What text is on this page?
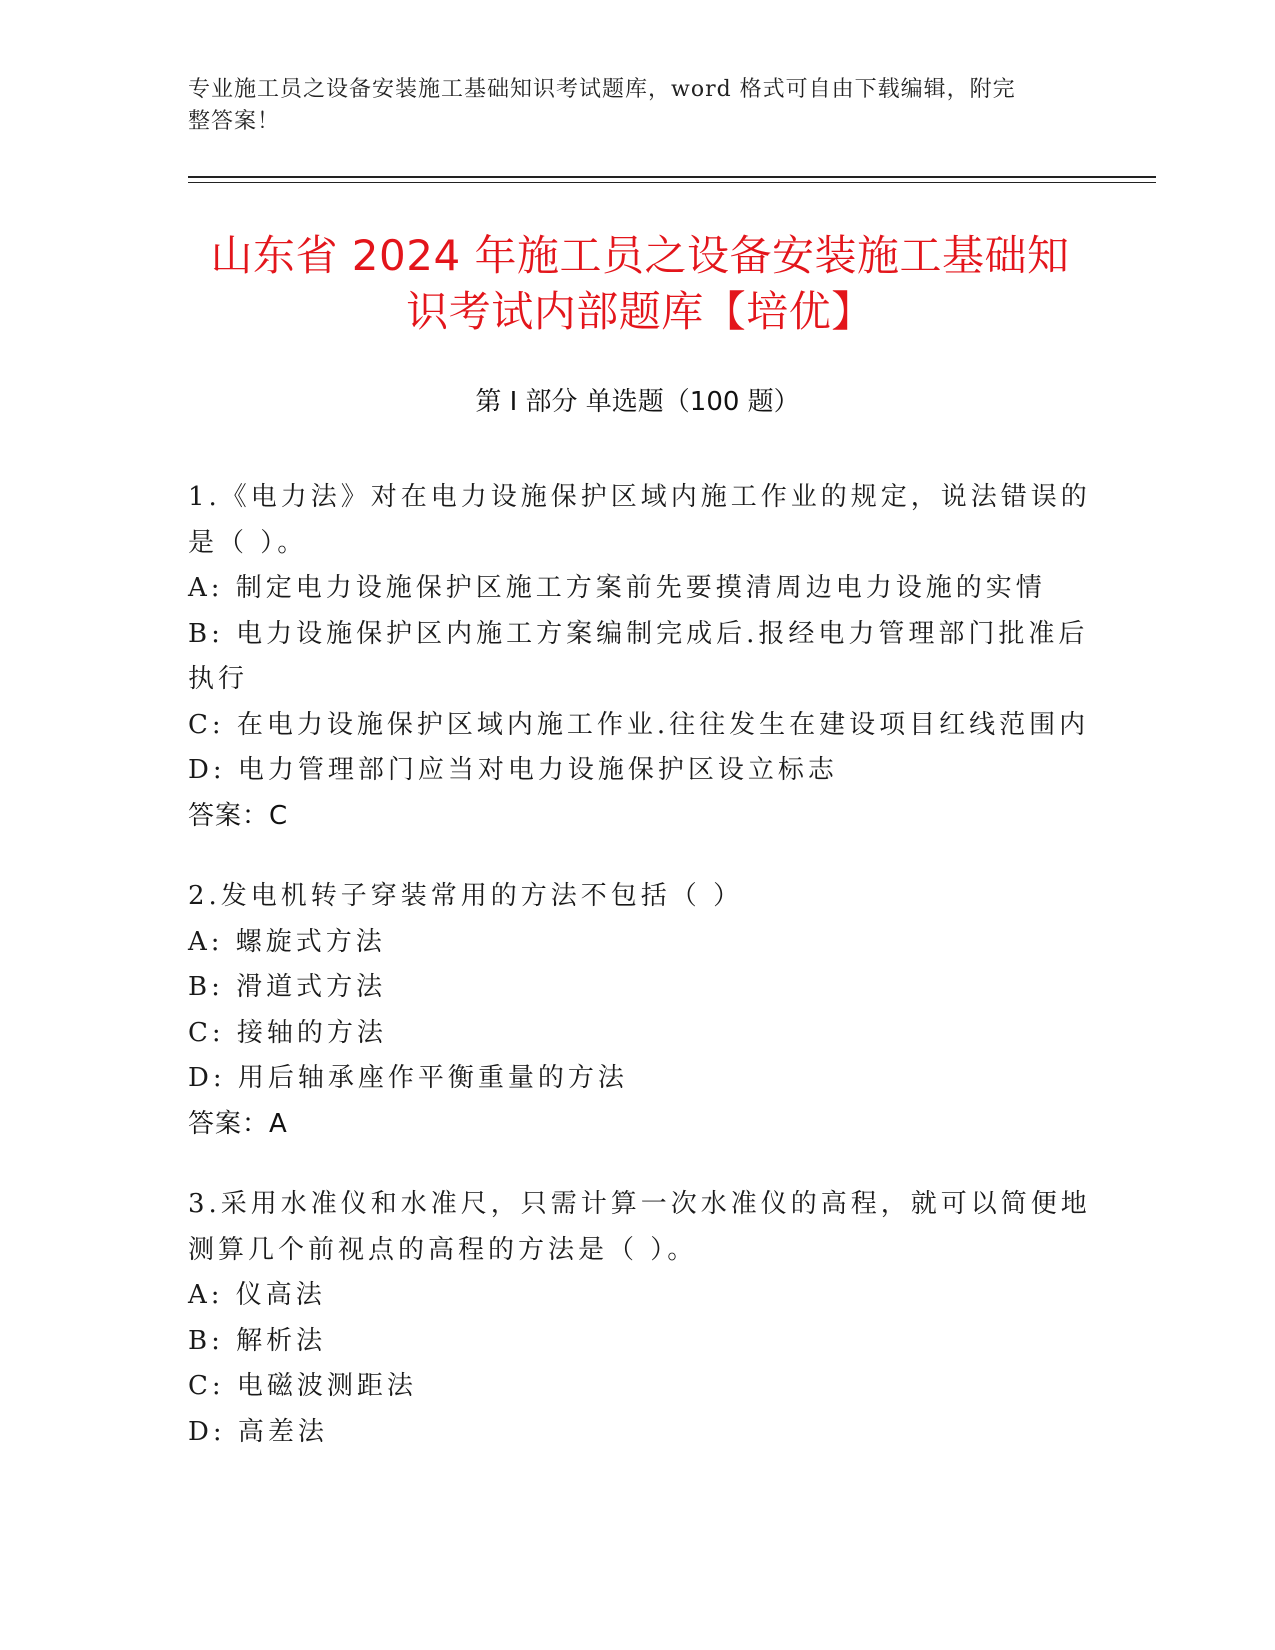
专业施工员之设备安装施工基础知识考试题库，word 格式可自由下载编辑，附完
整答案！
山东省 2024 年施工员之设备安装施工基础知
识考试内部题库【培优】
第 I 部分 单选题（100 题）
1.《电力法》对在电力设施保护区域内施工作业的规定，说法错误的
是（ ）。
A: 制定电力设施保护区施工方案前先要摸清周边电力设施的实情
B: 电力设施保护区内施工方案编制完成后.报经电力管理部门批准后
执行
C: 在电力设施保护区域内施工作业.往往发生在建设项目红线范围内
D: 电力管理部门应当对电力设施保护区设立标志
答案：C
2.发电机转子穿装常用的方法不包括（ ）
A: 螺旋式方法
B: 滑道式方法
C: 接轴的方法
D: 用后轴承座作平衡重量的方法
答案：A
3.采用水准仪和水准尺，只需计算一次水准仪的高程，就可以简便地
测算几个前视点的高程的方法是（ ）。
A: 仪高法
B: 解析法
C: 电磁波测距法
D: 高差法
